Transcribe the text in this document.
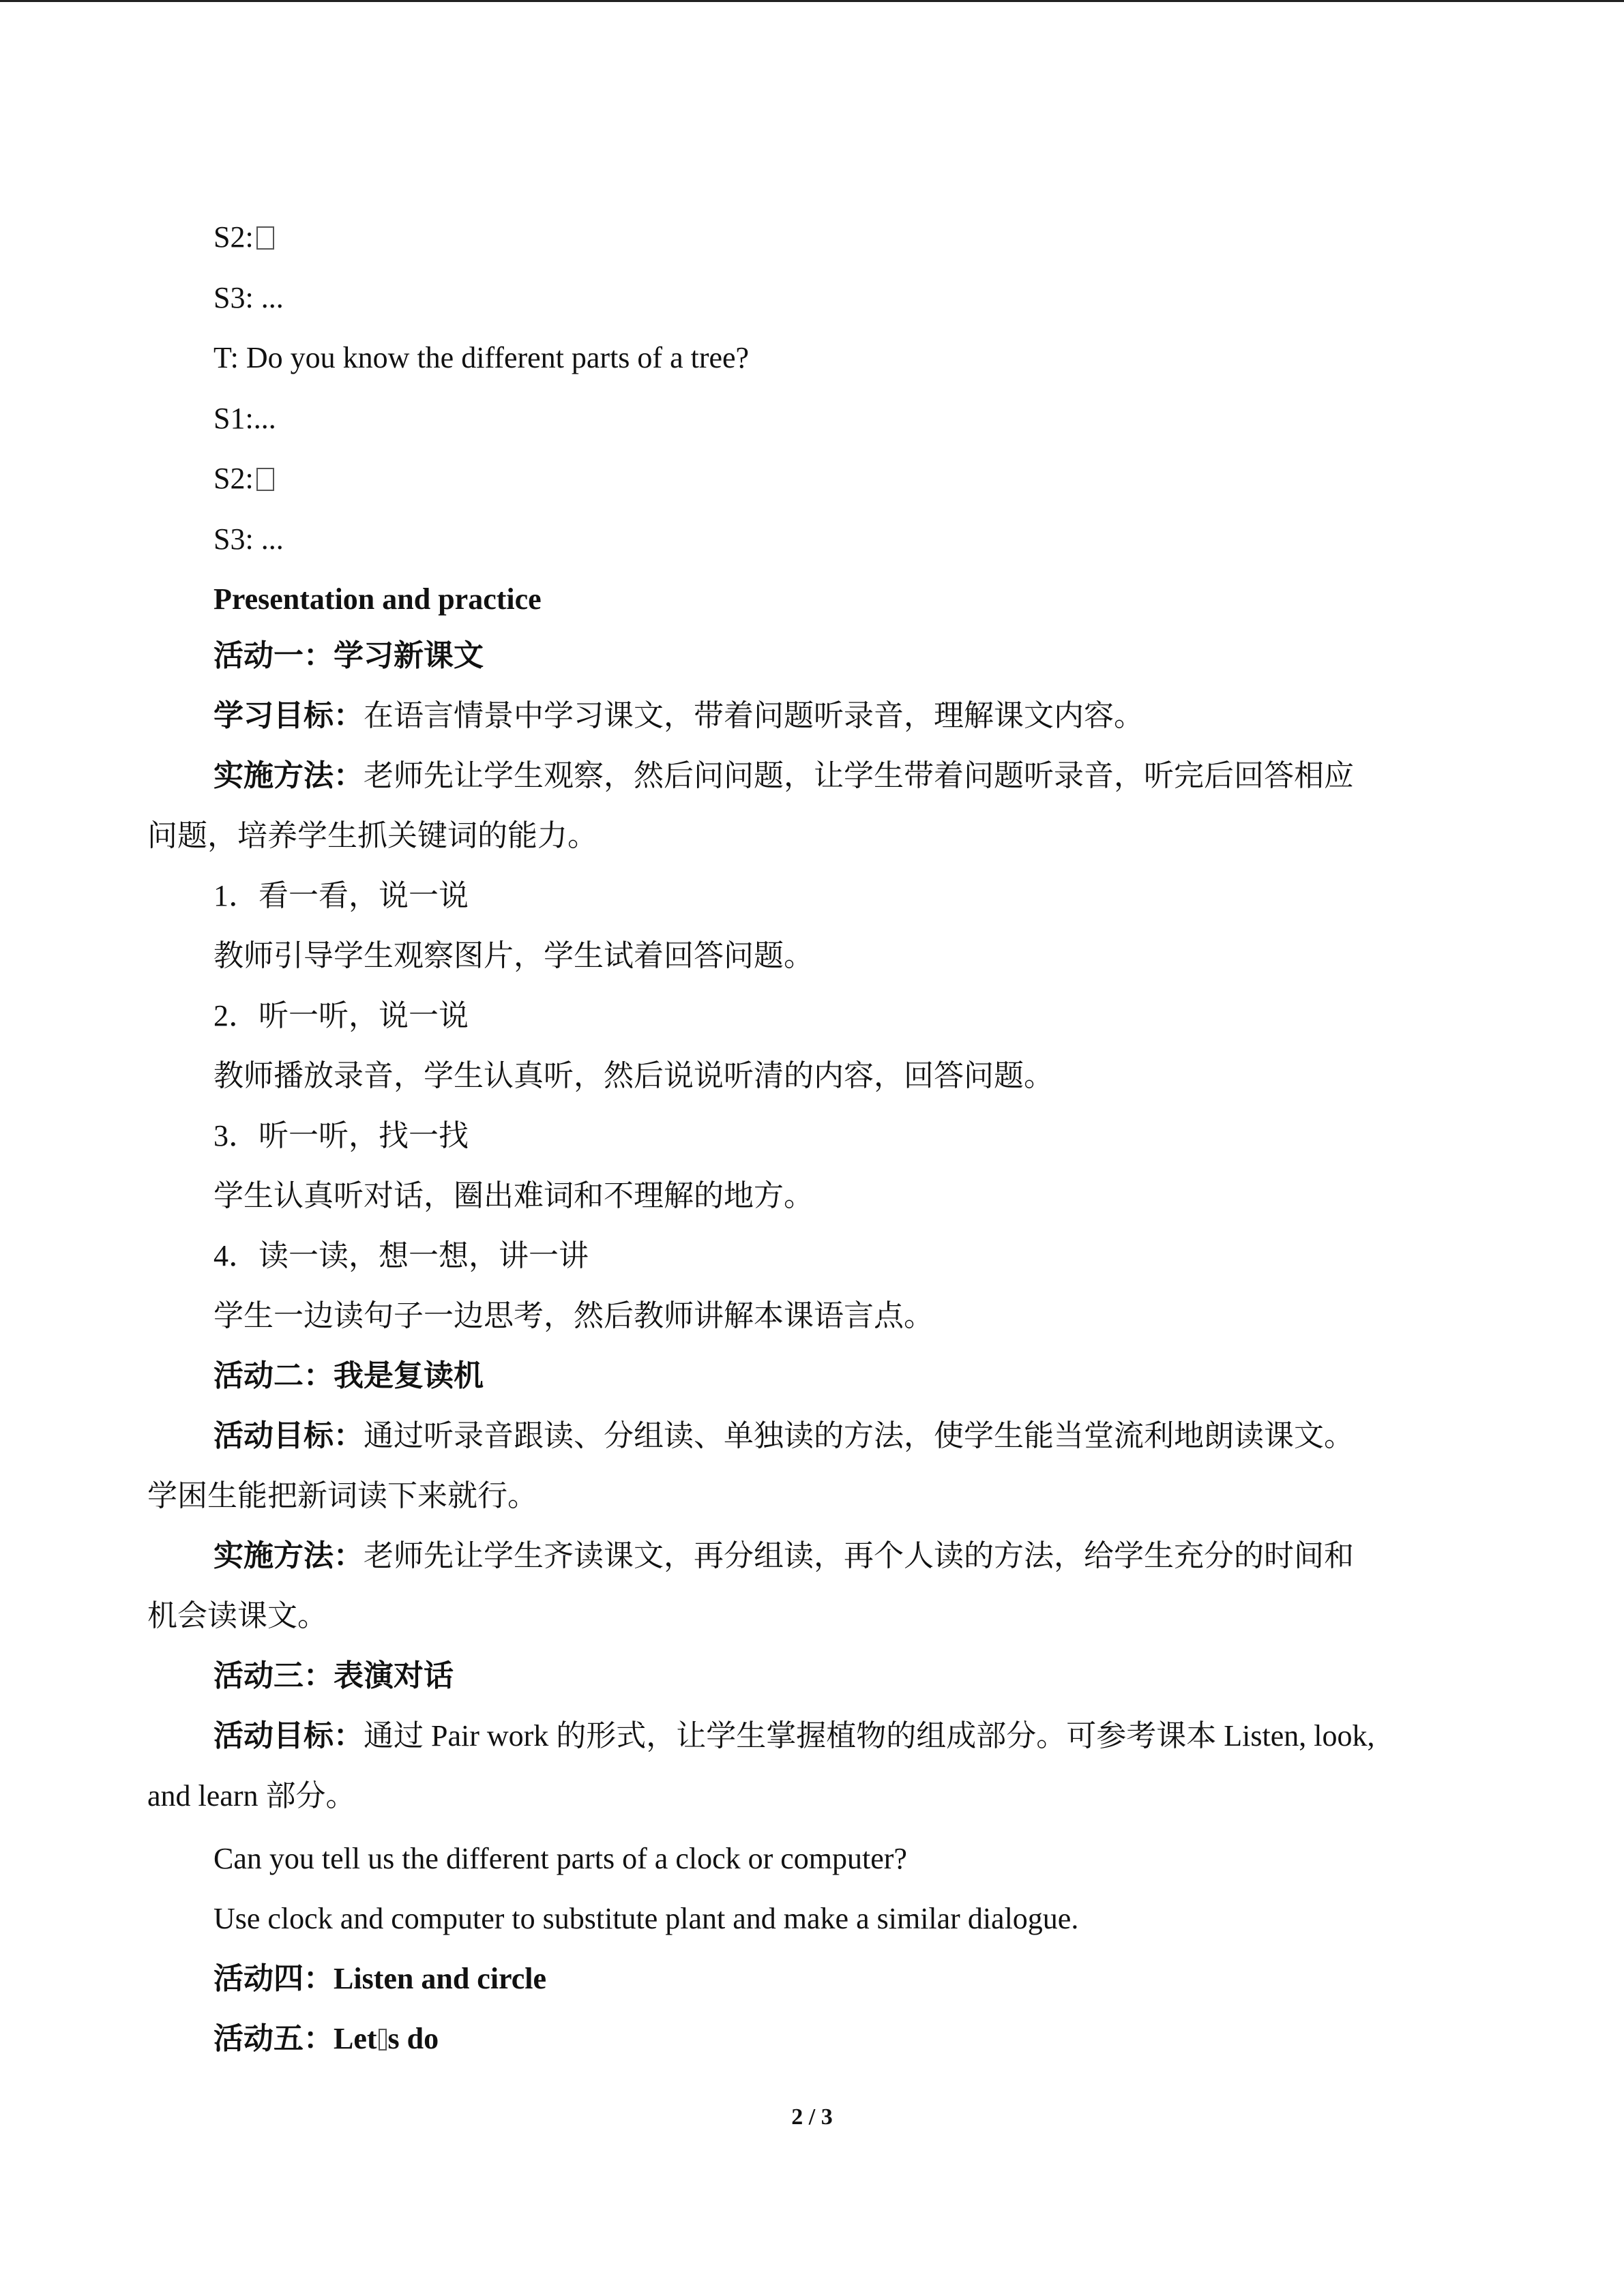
S2:
S3: ...
T: Do you know the different parts of a tree?
S1:...
S2:
S3: ...
Presentation and practice
活动一：学习新课文
学习目标：在语言情景中学习课文，带着问题听录音，理解课文内容。
实施方法：老师先让学生观察，然后问问题，让学生带着问题听录音，听完后回答相应
问题，培养学生抓关键词的能力。
1．看一看，说一说
教师引导学生观察图片，学生试着回答问题。
2．听一听，说一说
教师播放录音，学生认真听，然后说说听清的内容，回答问题。
3．听一听，找一找
学生认真听对话，圈出难词和不理解的地方。
4．读一读，想一想，讲一讲
学生一边读句子一边思考，然后教师讲解本课语言点。
活动二：我是复读机
活动目标：通过听录音跟读、分组读、单独读的方法，使学生能当堂流利地朗读课文。
学困生能把新词读下来就行。
实施方法：老师先让学生齐读课文，再分组读，再个人读的方法，给学生充分的时间和
机会读课文。
活动三：表演对话
活动目标：通过 Pair work 的形式，让学生掌握植物的组成部分。可参考课本 Listen, look,
and learn 部分。
Can you tell us the different parts of a clock or computer?
Use clock and computer to substitute plant and make a similar dialogue.
活动四：Listen and circle
活动五：Let s do
2 / 3
